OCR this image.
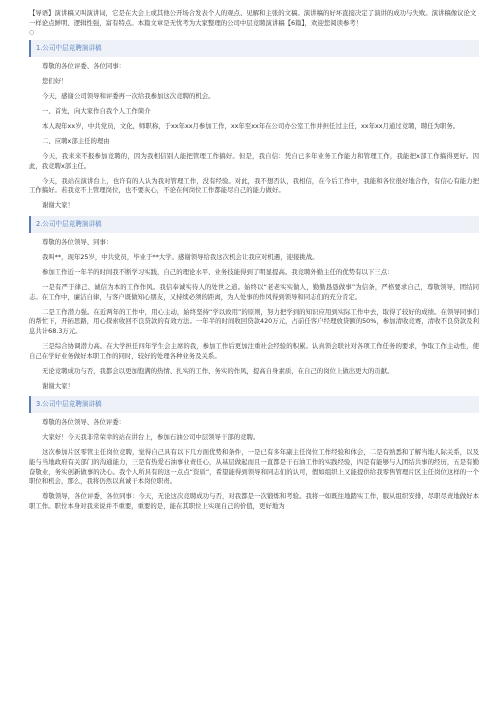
【导语】演讲稿又叫演讲词，它是在大会上或其他公开场合发表个人的观点、见解和主张的文稿。演讲稿的好坏直接决定了演讲的成功与失败。演讲稿像议论文一样论点鲜明、逻辑性强，富有特点。本篇文章是无忧考为大家整理的公司中层竞聘演讲稿【6篇】，欢迎您阅读参考！

○
1.公司中层竞聘演讲稿

尊敬的各位评委、各位同事：

您们好！

今天，感谢公司领导和评委再一次给我参加这次竞聘的机会。

一、首先，向大家作自我个人工作简介

本人现年xx岁，中共党员，文化，师职称，于xx年xx月参加工作，xx年至xx年在公司办公室工作并担任过主任，xx年xx月通过竞聘，聘任为职务。

二、应聘x部主任的理由

今天，我来来不报参加竞聘的，因为我相信别人能把管理工作搞好。但是，我自信：凭自已多年业务工作能力和管理工作，我能把x部工作搞得更好。因此，我竞聘x部主任。

今天，我站在演讲台上，也许有的人认为我对管理工作，没有经验。对此，我不想否认，我相信，在今后工作中，我能和各位很好地合作，有信心有能力把工作搞好。若我竞不上管理岗位，也不要灰心，不论在何岗位工作都能尽自己的能力做好。

谢谢大家！

2.公司中层竞聘演讲稿

尊敬的各位领导、同事：

我叫**，现年25岁，中共党员，毕业于**大学。感谢领导给我这次机会让我应对机遇，迎接挑战。

参加工作近一年半的时间我不断学习实践，自己的理论水平、业务技能得到了明显提高。我竞聘外勤主任的优势有以下三点：

一是有严于律己、诚信为本的工作作风。我信奉诚实待人的处世之道。始终以“老老实实做人，勤勤恳恳做事”为信条，严格要求自己，尊敬领导，团结同志。在工作中，廉洁自律，与客户既做知心朋友，又持续必须的距离，为人处事的作风得到领导和同志们的充分肯定。

二是工作潜力强。在近两年的工作中，用心主动，始终坚持“学以致用”的原则，努力把学到的知识应用到实际工作中去，取得了较好的成绩。在领导同事们的帮忙下，开拓思路，用心探索收回不良贷款的有效方法。一年半的时间收回贷款420万元，占前任客户经理放贷额的50%，参加清收竞赛，清收不良贷款及利息共计68.3万元。

三是综合协调潜力高。在大学担任四年学生会主席的我，参加工作后更加注重社会经验的积累。认真领会联社对各项工作任务的要求，争取工作主动性，使自己在学好业务做好本职工作的同时，较好的处理各种业务及关系。

无论竞聘成功与否，我都会以更加饱满的热情、扎实的工作、务实的作风，提高自身素质，在自己的岗位上做出更大的贡献。

谢谢大家！

3.公司中层竞聘演讲稿

尊敬的各位领导、各位评委：

大家好！今天我非常荣幸的站在讲台上，参加石油公司中层领导干部的竞聘。

这次参加片区零管主任岗位竞聘，觉得自己具有以下几方面优势和条件，一是已有多年副主任岗位工作经验和体会，二是有熟悉和了解当地人际关系，以及能与当地政府有关部门的沟通能力，三是有热爱石油事业责任心，从基层做起而且一直都是干石油工作的实践经验，四是有能够与人团结共事的经历，五是有勤奋敬业，务实创新做事的决心。我个人所具有的这一点点“资质”，希望能得到领导和同志们的认可，假如组织上又能提供给我零售管理片区主任岗位这样的一个职位和机会，那么，我将仍然以真诚干本岗位职责。

尊敬领导，各位评委，各位同事：今天，无论这次竞聘成功与否，对我都是一次锻炼和考验。我将一如既往地踏实工作，服从组织安排，尽职尽责地做好本职工作。职位本身对我来说并不重要，重要的是，能在其职位上实现自己的价值，更好地为
